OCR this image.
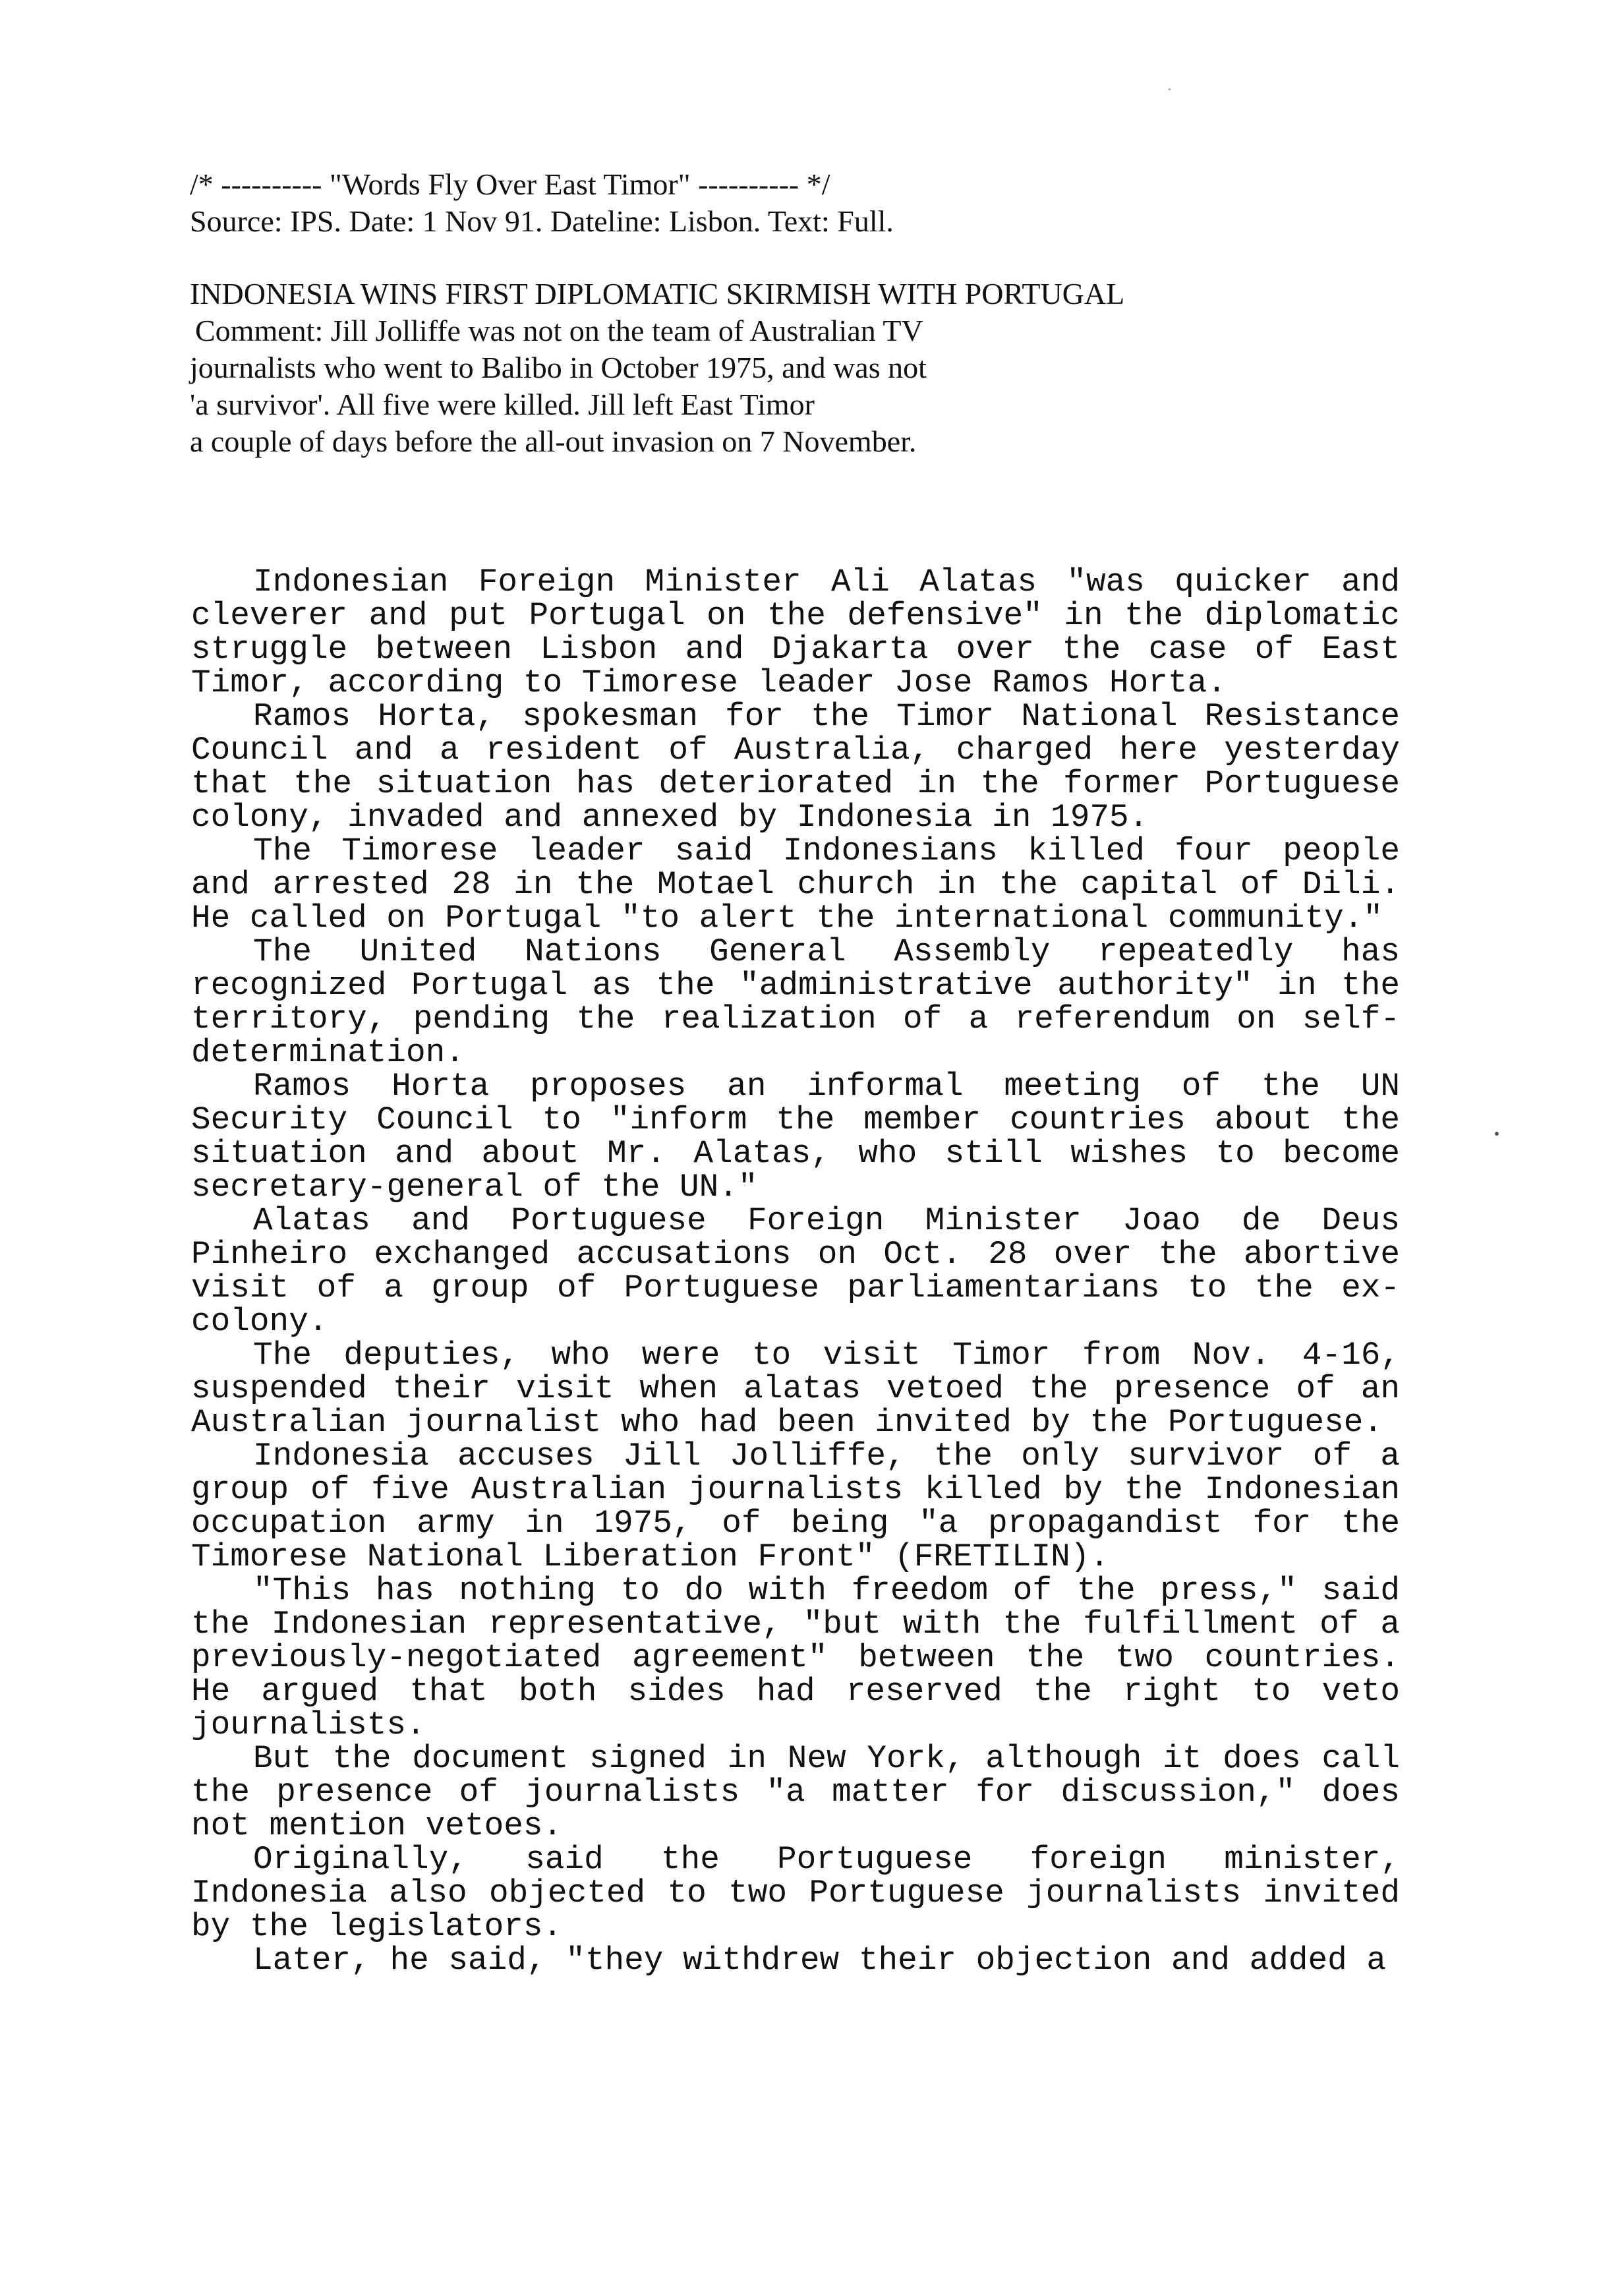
/* ---------- "Words Fly Over East Timor" ---------- */
Source: IPS. Date: 1 Nov 91. Dateline: Lisbon. Text: Full.
INDONESIA WINS FIRST DIPLOMATIC SKIRMISH WITH PORTUGAL
Comment: Jill Jolliffe was not on the team of Australian TV
journalists who went to Balibo in October 1975, and was not
'a survivor'. All five were killed. Jill left East Timor
a couple of days before the all-out invasion on 7 November.

Indonesian Foreign Minister Ali Alatas "was quicker and cleverer and put Portugal on the defensive" in the diplomatic struggle between Lisbon and Djakarta over the case of East Timor, according to Timorese leader Jose Ramos Horta.

Ramos Horta, spokesman for the Timor National Resistance Council and a resident of Australia, charged here yesterday that the situation has deteriorated in the former Portuguese colony, invaded and annexed by Indonesia in 1975.

The Timorese leader said Indonesians killed four people and arrested 28 in the Motael church in the capital of Dili. He called on Portugal "to alert the international community."

The United Nations General Assembly repeatedly has recognized Portugal as the "administrative authority" in the territory, pending the realization of a referendum on self-determination.

Ramos Horta proposes an informal meeting of the UN Security Council to "inform the member countries about the situation and about Mr. Alatas, who still wishes to become secretary-general of the UN."

Alatas and Portuguese Foreign Minister Joao de Deus Pinheiro exchanged accusations on Oct. 28 over the abortive visit of a group of Portuguese parliamentarians to the ex-colony.

The deputies, who were to visit Timor from Nov. 4-16, suspended their visit when alatas vetoed the presence of an Australian journalist who had been invited by the Portuguese.

Indonesia accuses Jill Jolliffe, the only survivor of a group of five Australian journalists killed by the Indonesian occupation army in 1975, of being "a propagandist for the Timorese National Liberation Front" (FRETILIN).

"This has nothing to do with freedom of the press," said the Indonesian representative, "but with the fulfillment of a previously-negotiated agreement" between the two countries. He argued that both sides had reserved the right to veto journalists.

But the document signed in New York, although it does call the presence of journalists "a matter for discussion," does not mention vetoes.

Originally, said the Portuguese foreign minister, Indonesia also objected to two Portuguese journalists invited by the legislators.

Later, he said, "they withdrew their objection and added a
